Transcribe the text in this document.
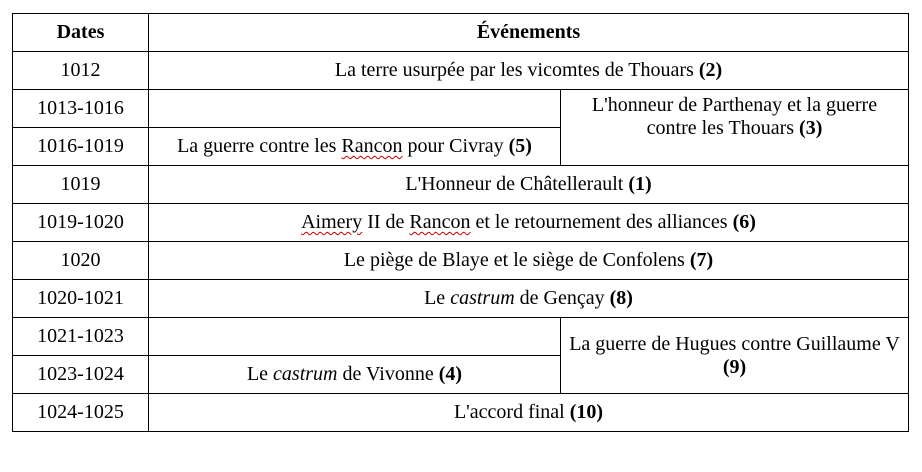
Dates	Événements	
1012	La terre usurpée par les vicomtes de Thouars (2)	
1013-1016		L'honneur de Parthenay et la guerre contre les Thouars (3)
1016-1019	La guerre contre les Rancon pour Civray (5)	
1019	L'Honneur de Châtellerault (1)	
1019-1020	Aimery II de Rancon et le retournement des alliances (6)	
1020	Le piège de Blaye et le siège de Confolens (7)	
1020-1021	Le castrum de Gençay (8)	
1021-1023		La guerre de Hugues contre Guillaume V (9)
1023-1024	Le castrum de Vivonne (4)	
1024-1025	L'accord final (10)	
